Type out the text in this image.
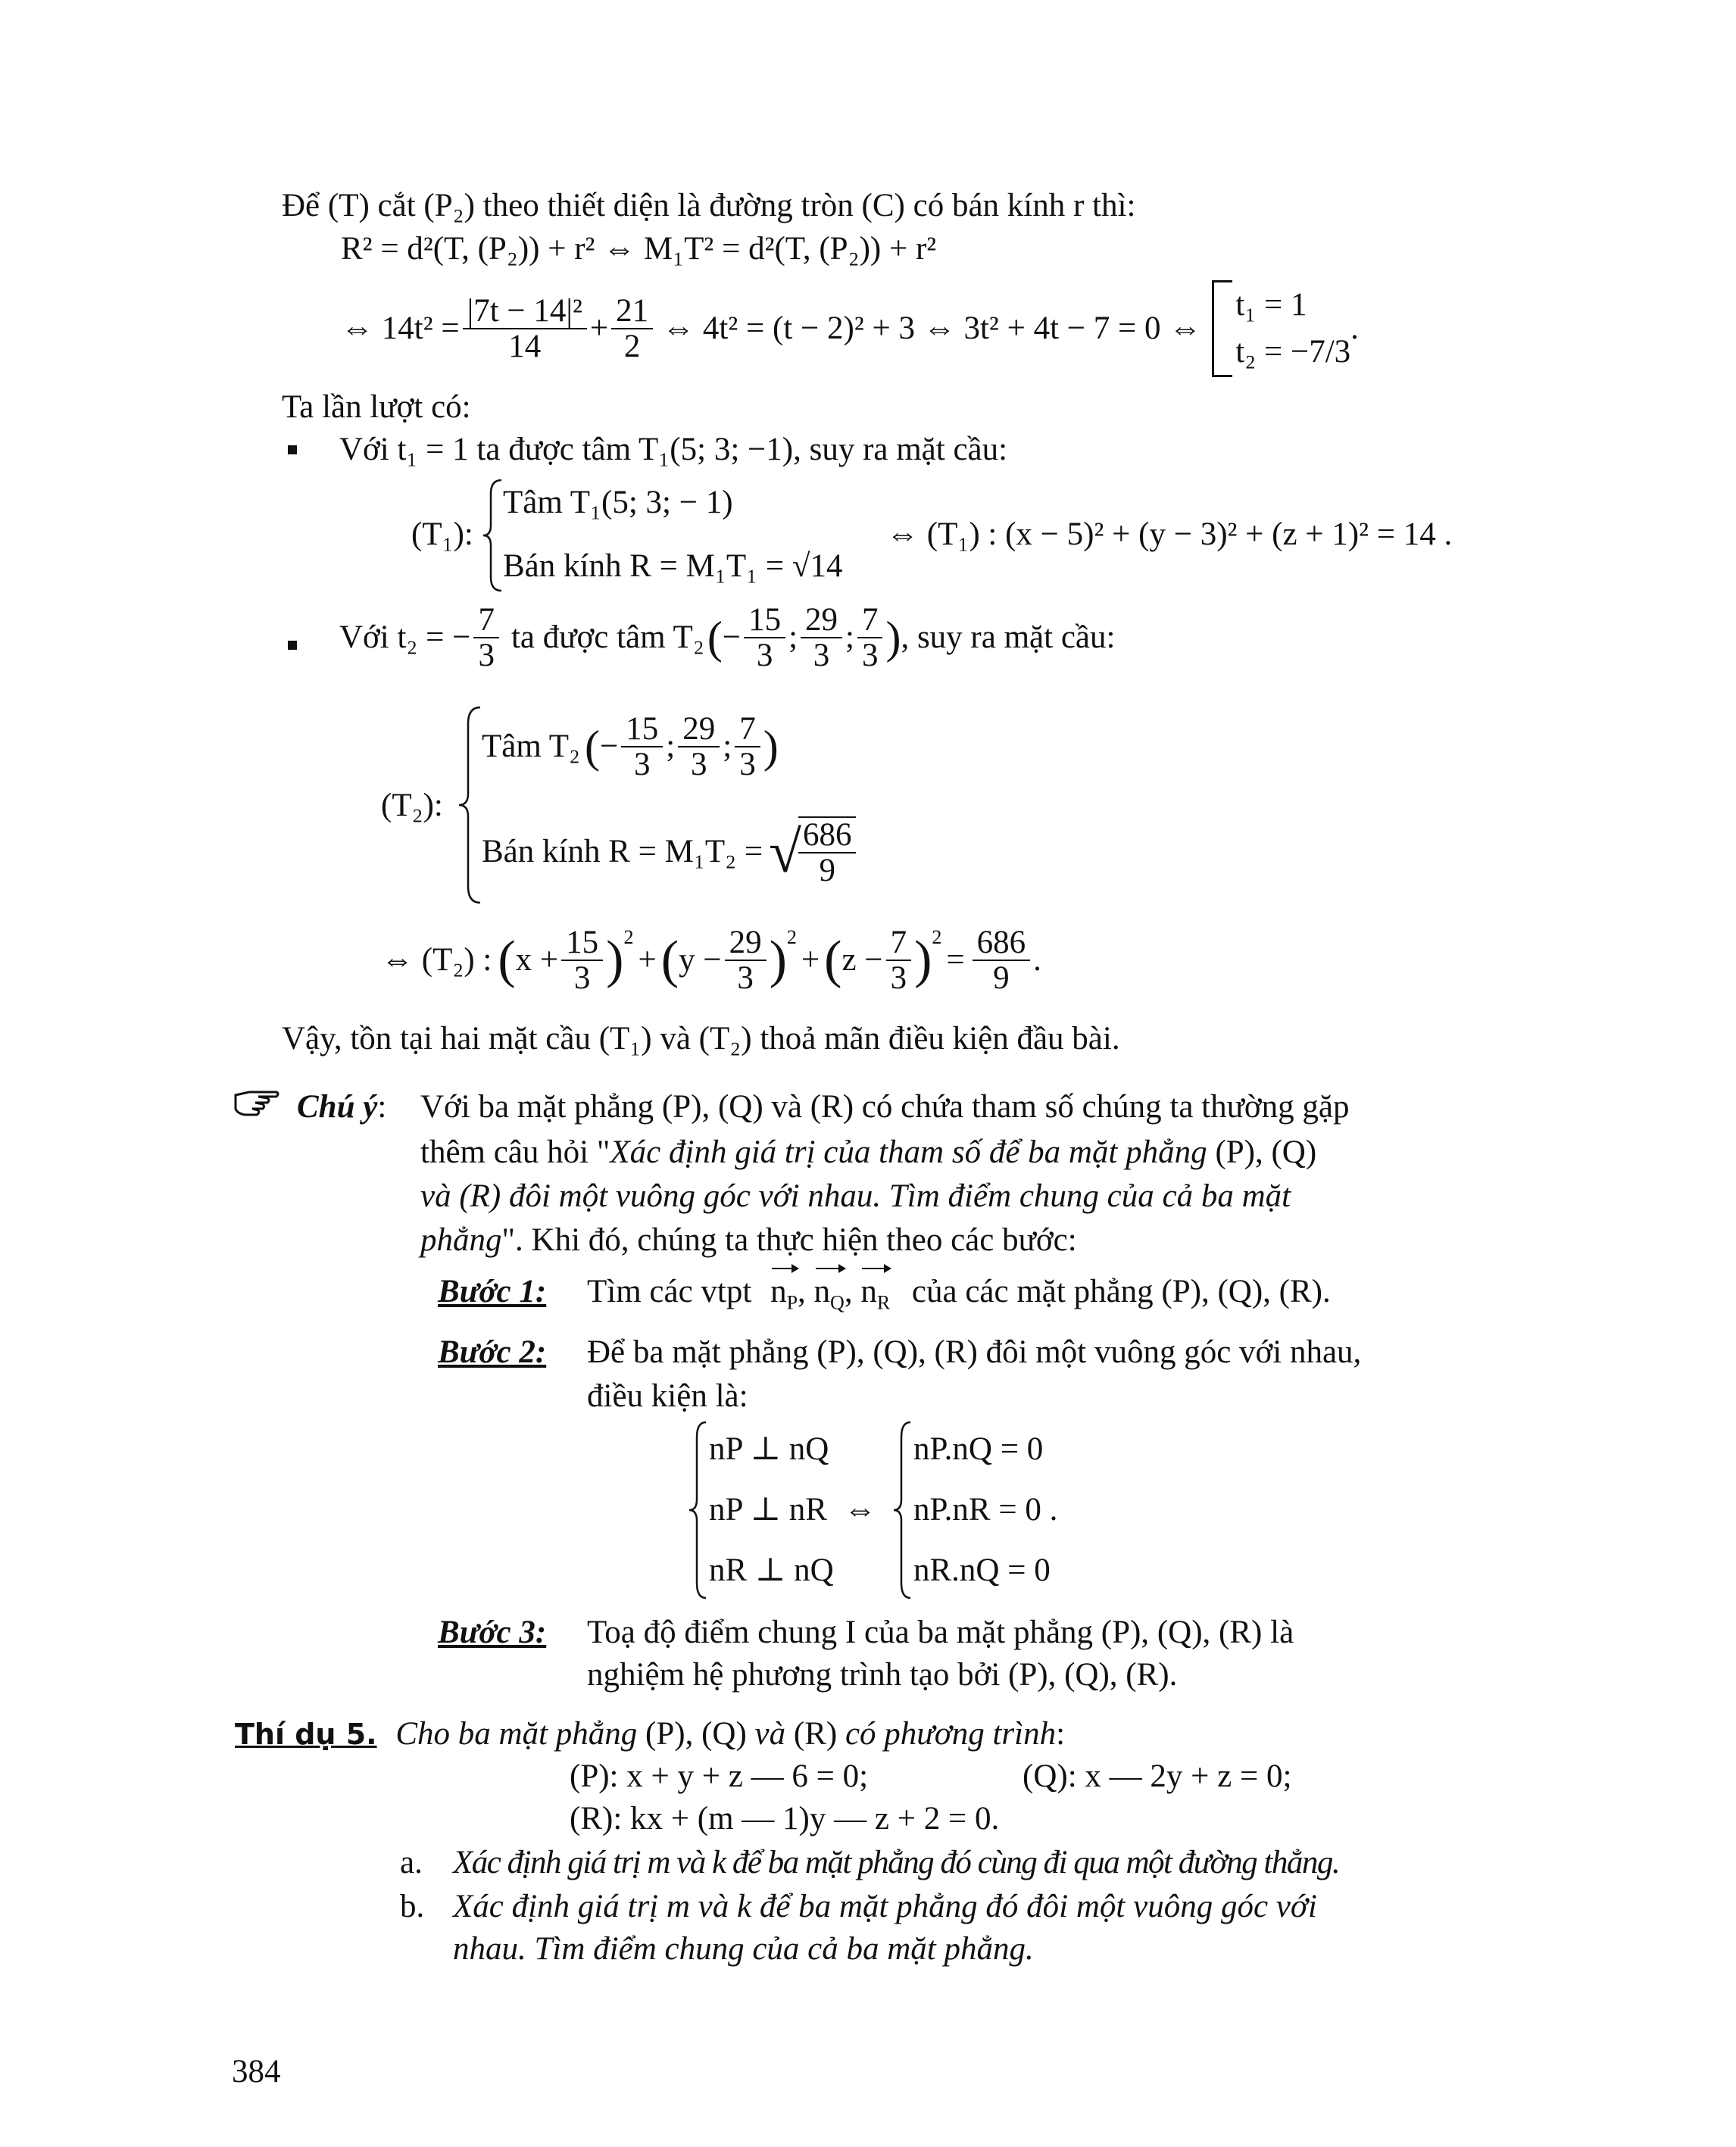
Để (T) cắt (P₂) theo thiết diện là đường tròn (C) có bán kính r thì:
R² = d²(T, (P₂)) + r² ⇔ M₁T² = d²(T, (P₂)) + r²
⇔ $14t^2 = \frac{\text{|7t − 14|²}}{14} + \frac{21}{2}$ ⇔ 4t² = (t − 2)² + 3 ⇔ 3t² + 4t − 7 = 0 ⇔
t₁ = 1
t₂ = −7/3
.
Ta lần lượt có:
Với t₁ = 1 ta được tâm T₁(5; 3; −1), suy ra mặt cầu:
(T₁):
Tâm T₁(5; 3; − 1)
Bán kính R = M₁T₁ = √14
⇔ (T₁) : (x − 5)² + (y − 3)² + (z + 1)² = 14 .
Với t₂ = − $\frac{7}{3}$ ta được tâm T₂ ( − $\frac{15}{3}$ ; $\frac{29}{3}$ ; $\frac{7}{3}$ ) , suy ra mặt cầu:
(T₂):
Tâm T₂ ( − $\frac{15}{3}$ ; $\frac{29}{3}$ ; $\frac{7}{3}$ )
Bán kính R = M₁T₂ = √
$\frac{686}{9}$
⇔ (T₂) : ( $x + \frac{15}{3} )^2$
+ ( $y - \frac{29}{3} )^2$
+ ( $z - \frac{7}{3} )^2$
= $\frac{686}{9}$ .
Vậy, tồn tại hai mặt cầu (T₁) và (T₂) thoả mãn điều kiện đầu bài.
Chú ý: Với ba mặt phẳng (P), (Q) và (R) có chứa tham số chúng ta thường gặp
thêm câu hỏi "Xác định giá trị của tham số để ba mặt phẳng (P), (Q)
và (R) đôi một vuông góc với nhau. Tìm điểm chung của cả ba mặt
phẳng". Khi đó, chúng ta thực hiện theo các bước:
Bước 1: Tìm các vtpt $n_P$, $n_Q$, $n_R$ của các mặt phẳng (P), (Q), (R).
Bước 2: Để ba mặt phẳng (P), (Q), (R) đôi một vuông góc với nhau,
điều kiện là:
nP ⊥ nQ
nP ⊥ nR
nR ⊥ nQ
⇔
nP.nQ = 0
nP.nR = 0 .
nR.nQ = 0
Bước 3: Toạ độ điểm chung I của ba mặt phẳng (P), (Q), (R) là
nghiệm hệ phương trình tạo bởi (P), (Q), (R).
Thí dụ 5. Cho ba mặt phẳng (P), (Q) và (R) có phương trình:
(P): x + y + z — 6 = 0;	(Q): x — 2y + z = 0;
(R): kx + (m — 1)y — z + 2 = 0.
a. Xác định giá trị m và k để ba mặt phẳng đó cùng đi qua một đường thẳng.
b. Xác định giá trị m và k để ba mặt phẳng đó đôi một vuông góc với
nhau. Tìm điểm chung của cả ba mặt phẳng.
384
